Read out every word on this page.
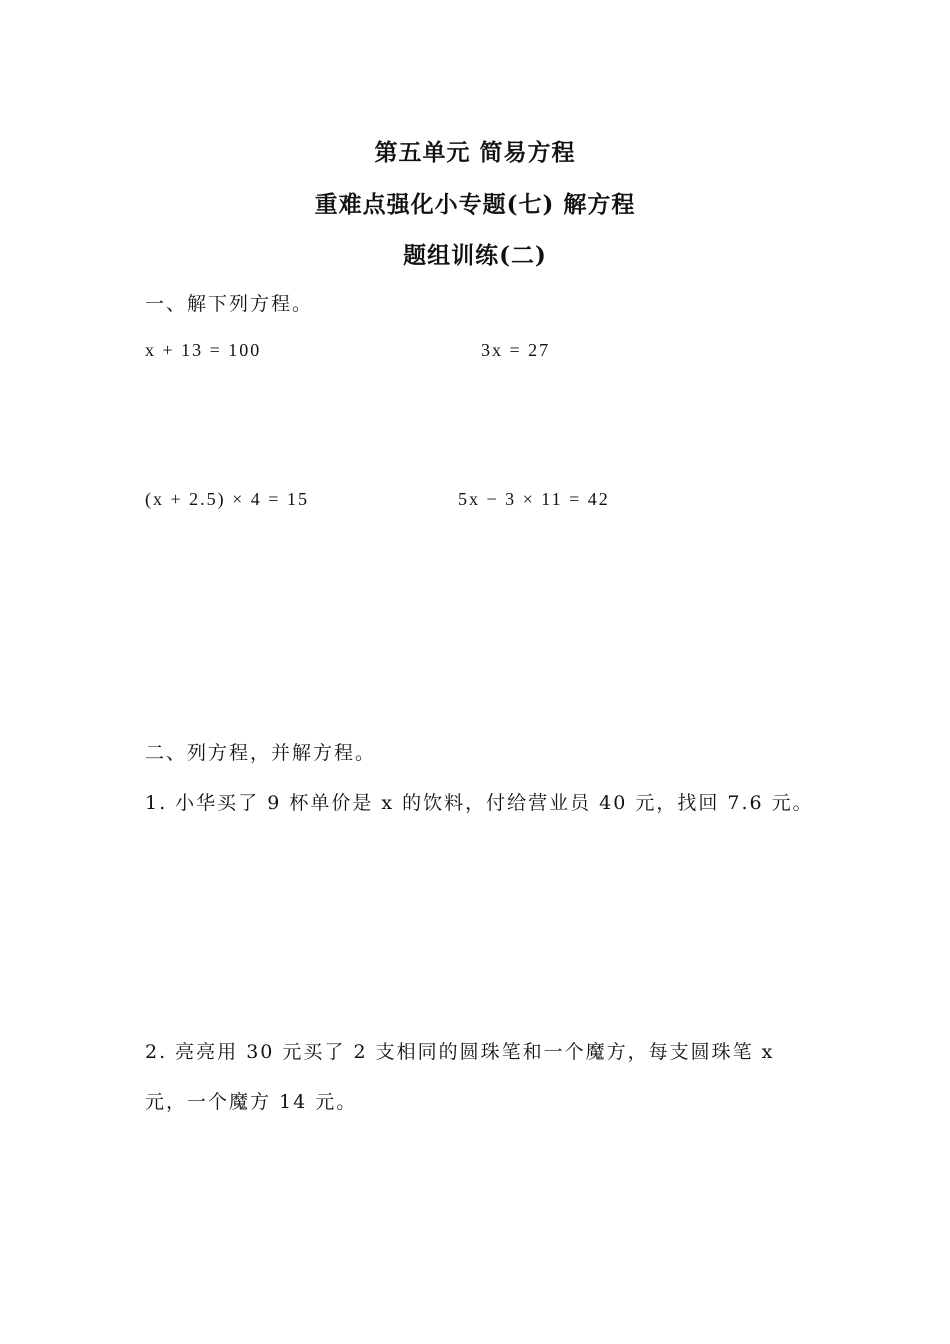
第五单元 简易方程
重难点强化小专题(七) 解方程
题组训练(二)
一、解下列方程。
x + 13 = 100	3x = 27
(x + 2.5) × 4 = 15	5x − 3 × 11 = 42
二、列方程，并解方程。
1. 小华买了 9 杯单价是 x 的饮料，付给营业员 40 元，找回 7.6 元。
2. 亮亮用 30 元买了 2 支相同的圆珠笔和一个魔方，每支圆珠笔 x
元，一个魔方 14 元。
